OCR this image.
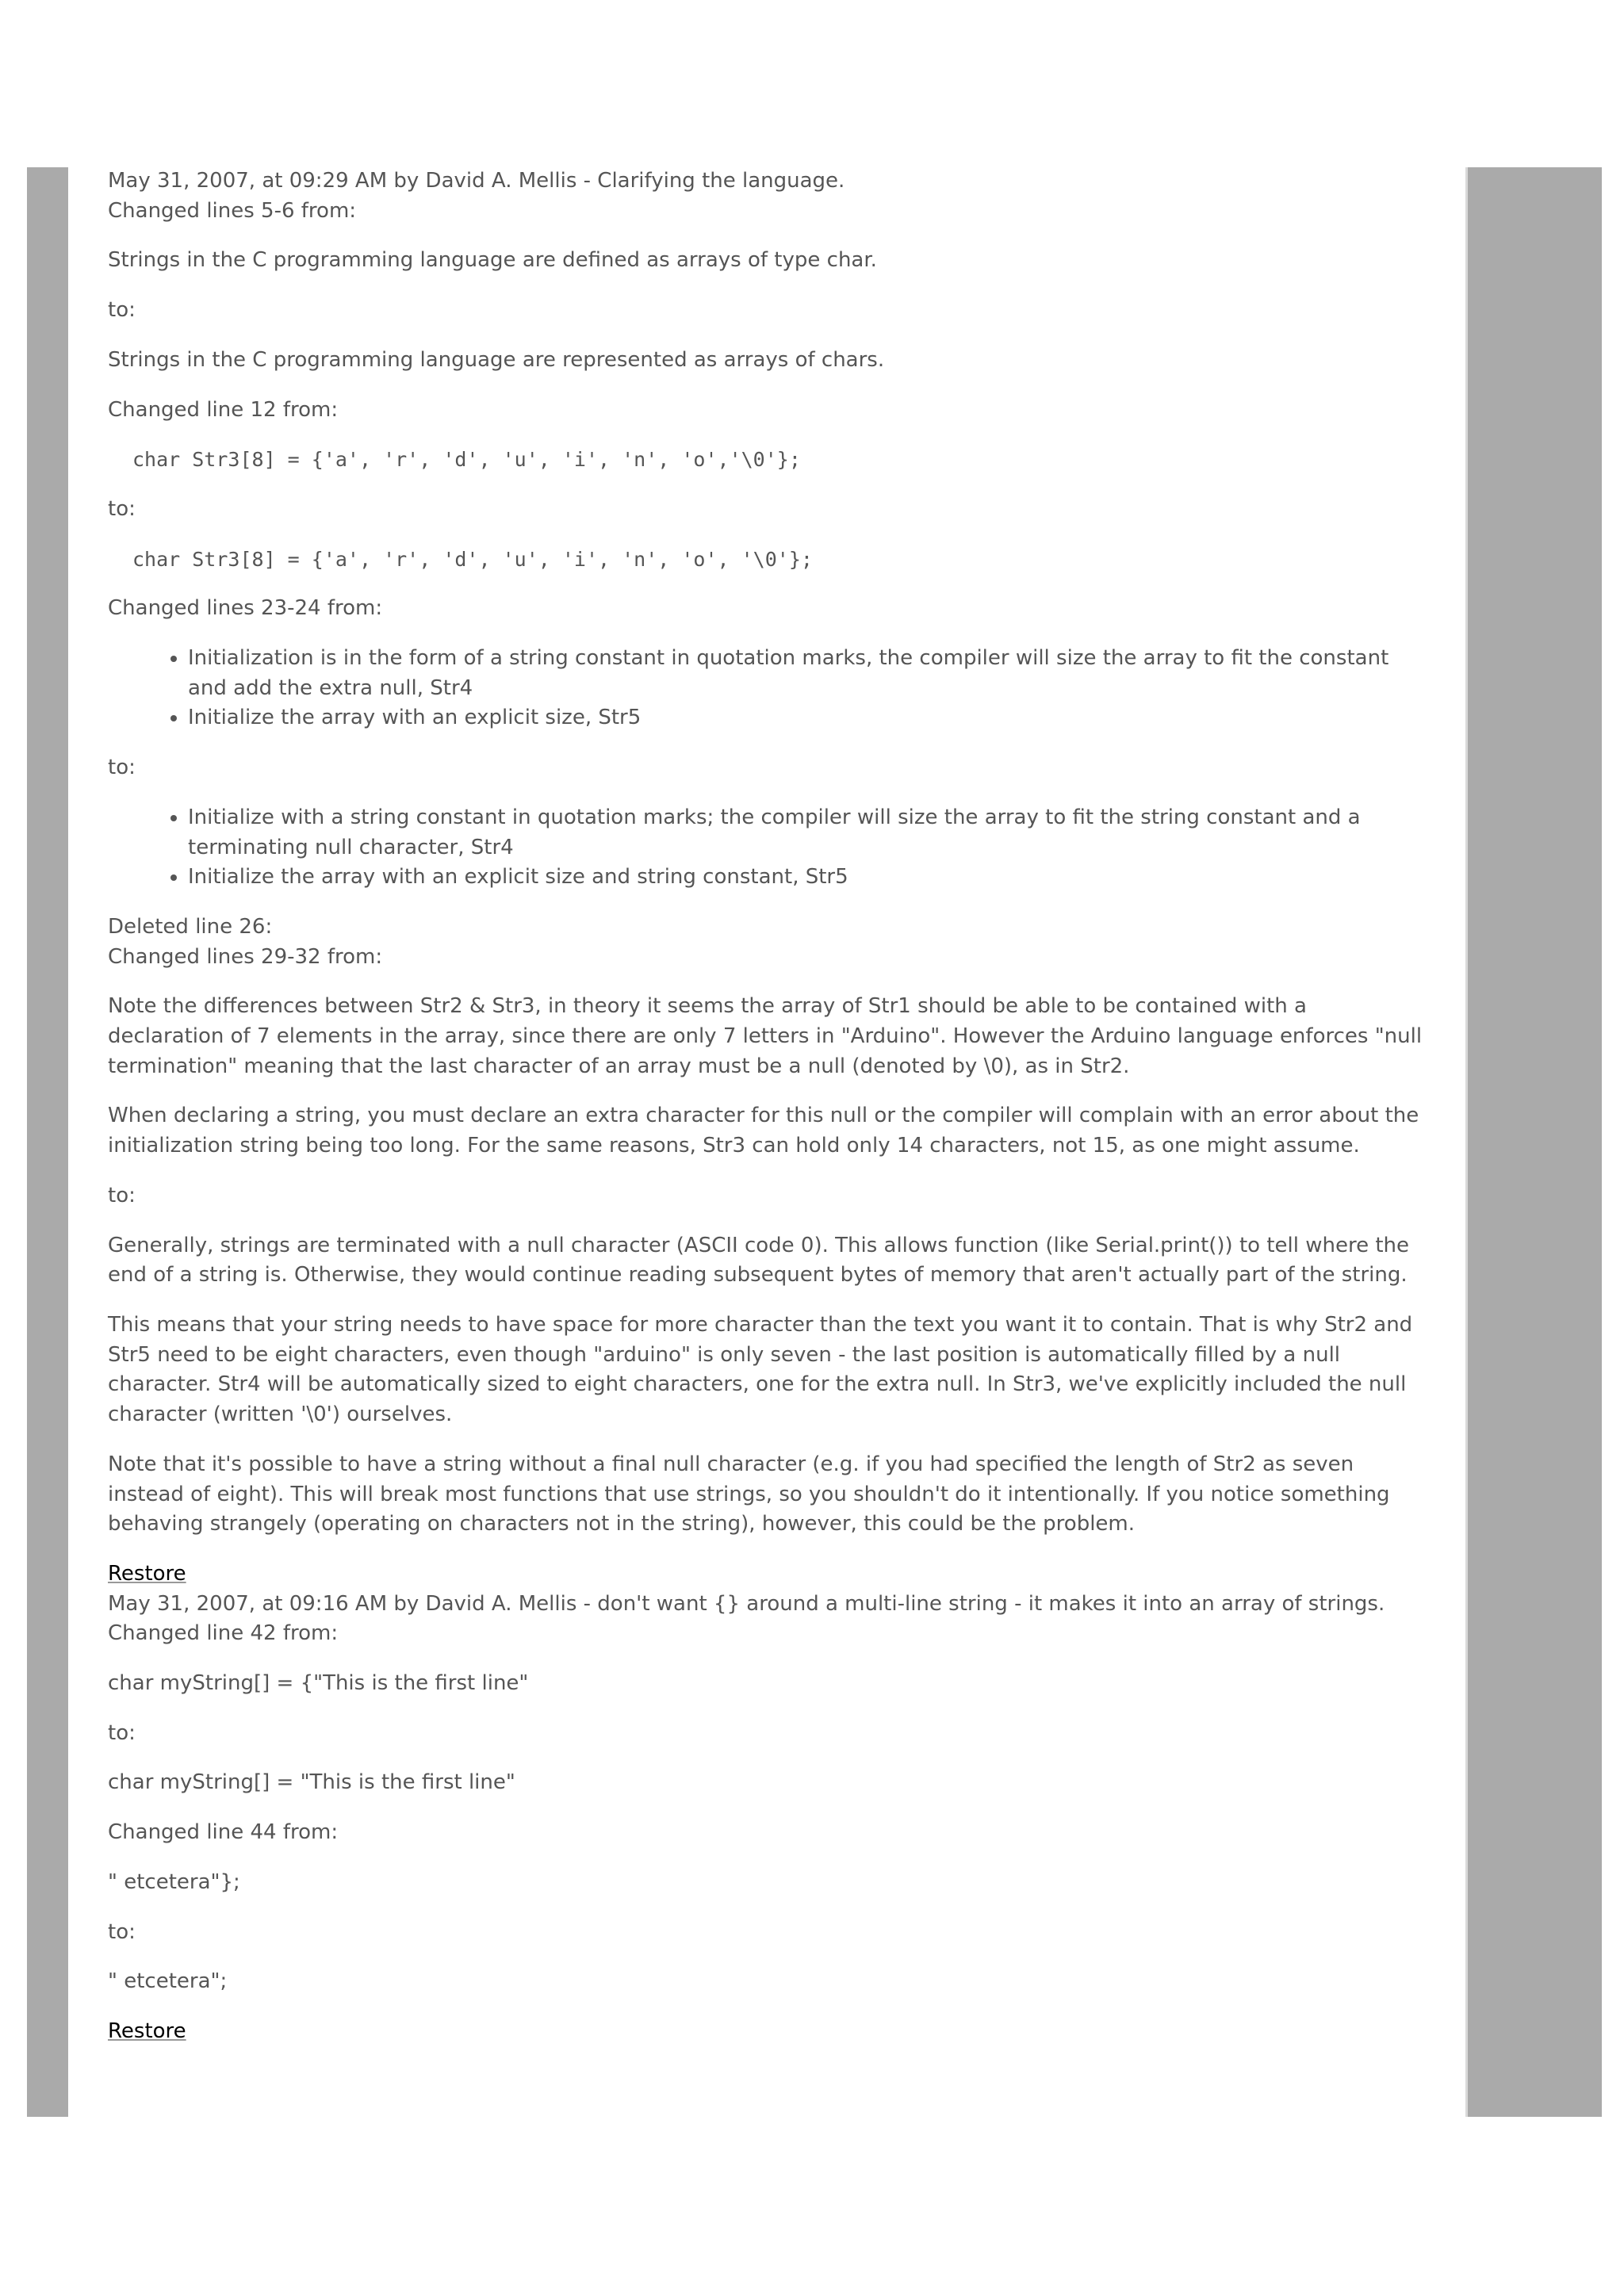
May 31, 2007, at 09:29 AM by David A. Mellis - Clarifying the language.

Changed lines 5-6 from:

Strings in the C programming language are defined as arrays of type char.

to:

Strings in the C programming language are represented as arrays of chars.

Changed line 12 from:

char Str3[8] = {'a', 'r', 'd', 'u', 'i', 'n', 'o','\0'};

to:

char Str3[8] = {'a', 'r', 'd', 'u', 'i', 'n', 'o', '\0'};

Changed lines 23-24 from:

• Initialization is in the form of a string constant in quotation marks, the compiler will size the array to fit the constant and add the extra null, Str4
• Initialize the array with an explicit size, Str5

to:

• Initialize with a string constant in quotation marks; the compiler will size the array to fit the string constant and a terminating null character, Str4
• Initialize the array with an explicit size and string constant, Str5

Deleted line 26:

Changed lines 29-32 from:

Note the differences between Str2 & Str3, in theory it seems the array of Str1 should be able to be contained with a declaration of 7 elements in the array, since there are only 7 letters in "Arduino". However the Arduino language enforces "null termination" meaning that the last character of an array must be a null (denoted by \0), as in Str2.

When declaring a string, you must declare an extra character for this null or the compiler will complain with an error about the initialization string being too long. For the same reasons, Str3 can hold only 14 characters, not 15, as one might assume.

to:

Generally, strings are terminated with a null character (ASCII code 0). This allows function (like Serial.print()) to tell where the end of a string is. Otherwise, they would continue reading subsequent bytes of memory that aren't actually part of the string.

This means that your string needs to have space for more character than the text you want it to contain. That is why Str2 and Str5 need to be eight characters, even though "arduino" is only seven - the last position is automatically filled by a null character. Str4 will be automatically sized to eight characters, one for the extra null. In Str3, we've explicitly included the null character (written '\0') ourselves.

Note that it's possible to have a string without a final null character (e.g. if you had specified the length of Str2 as seven instead of eight). This will break most functions that use strings, so you shouldn't do it intentionally. If you notice something behaving strangely (operating on characters not in the string), however, this could be the problem.

Restore

May 31, 2007, at 09:16 AM by David A. Mellis - don't want {} around a multi-line string - it makes it into an array of strings.

Changed line 42 from:

char myString[] = {"This is the first line"

to:

char myString[] = "This is the first line"

Changed line 44 from:

" etcetera"};

to:

" etcetera";

Restore
